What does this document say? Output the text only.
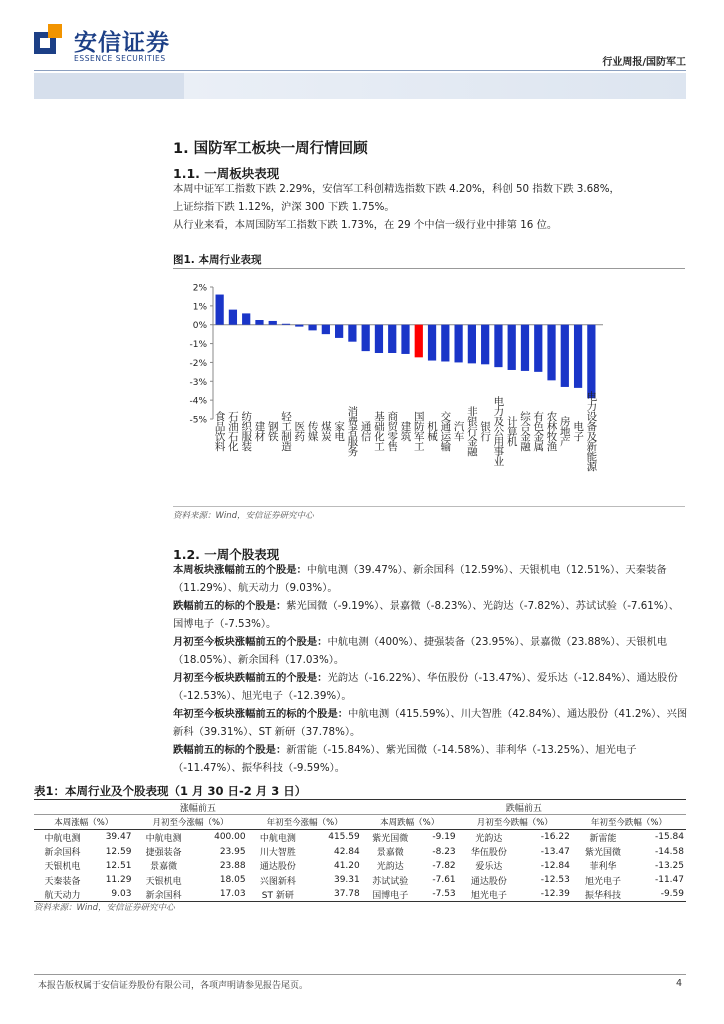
安信证券
ESSENCE SECURITIES	行业周报/国防军工
1. 国防军工板块一周行情回顾
1.1. 一周板块表现
本周中证军工指数下跌 2.29%，安信军工科创精选指数下跌 4.20%，科创 50 指数下跌 3.68%，
上证综指下跌 1.12%，沪深 300 下跌 1.75%。
从行业来看，本周国防军工指数下跌 1.73%，在 29 个中信一级行业中排第 16 位。
图1. 本周行业表现
2%
1%
0%
-1%
-2%
-3%
-4%
-5% 食品饮料 石油石化 纺织服装 建材 钢铁 轻工制造 医药 传媒 煤炭 家电 消费者服务 通信 基础化工 商贸零售 建筑 国防军工 机械 交通运输 汽车 非银行金融 银行 电力及公用事业 计算机 综合金融 有色金属 农林牧渔 房地产 电子 电力设备及新能源
资料来源：Wind，安信证券研究中心
1.2. 一周个股表现
本周板块涨幅前五的个股是：中航电测（39.47%）、新余国科（12.59%）、天银机电（12.51%）、天秦装备（11.29%）、航天动力（9.03%）。
跌幅前五的标的个股是：紫光国微（-9.19%）、景嘉微（-8.23%）、光韵达（-7.82%）、苏试试验（-7.61%）、国博电子（-7.53%）。
月初至今板块涨幅前五的个股是：中航电测（400%）、捷强装备（23.95%）、景嘉微（23.88%）、天银机电（18.05%）、新余国科（17.03%）。
月初至今板块跌幅前五的个股是：光韵达（-16.22%）、华伍股份（-13.47%）、爱乐达（-12.84%）、通达股份（-12.53%）、旭光电子（-12.39%）。
年初至今板块涨幅前五的标的个股是：中航电测（415.59%）、川大智胜（42.84%）、通达股份（41.2%）、兴图新科（39.31%）、ST 新研（37.78%）。
跌幅前五的标的个股是：新雷能（-15.84%）、紫光国微（-14.58%）、菲利华（-13.25%）、旭光电子（-11.47%）、振华科技（-9.59%）。
表1：本周行业及个股表现（1 月 30 日-2 月 3 日）
涨幅前五						跌幅前五					
本周涨幅（%）		月初至今涨幅（%）		年初至今涨幅（%）		本周跌幅（%）		月初至今跌幅（%）		年初至今跌幅（%）	
中航电测	39.47	中航电测	400.00	中航电测	415.59	紫光国微	-9.19	光韵达	-16.22	新雷能	-15.84
新余国科	12.59	捷强装备	23.95	川大智胜	42.84	景嘉微	-8.23	华伍股份	-13.47	紫光国微	-14.58
天银机电	12.51	景嘉微	23.88	通达股份	41.20	光韵达	-7.82	爱乐达	-12.84	菲利华	-13.25
天秦装备	11.29	天银机电	18.05	兴图新科	39.31	苏试试验	-7.61	通达股份	-12.53	旭光电子	-11.47
航天动力	9.03	新余国科	17.03	ST 新研	37.78	国博电子	-7.53	旭光电子	-12.39	振华科技	-9.59
资料来源：Wind，安信证券研究中心
本报告版权属于安信证券股份有限公司，各项声明请参见报告尾页。	4
